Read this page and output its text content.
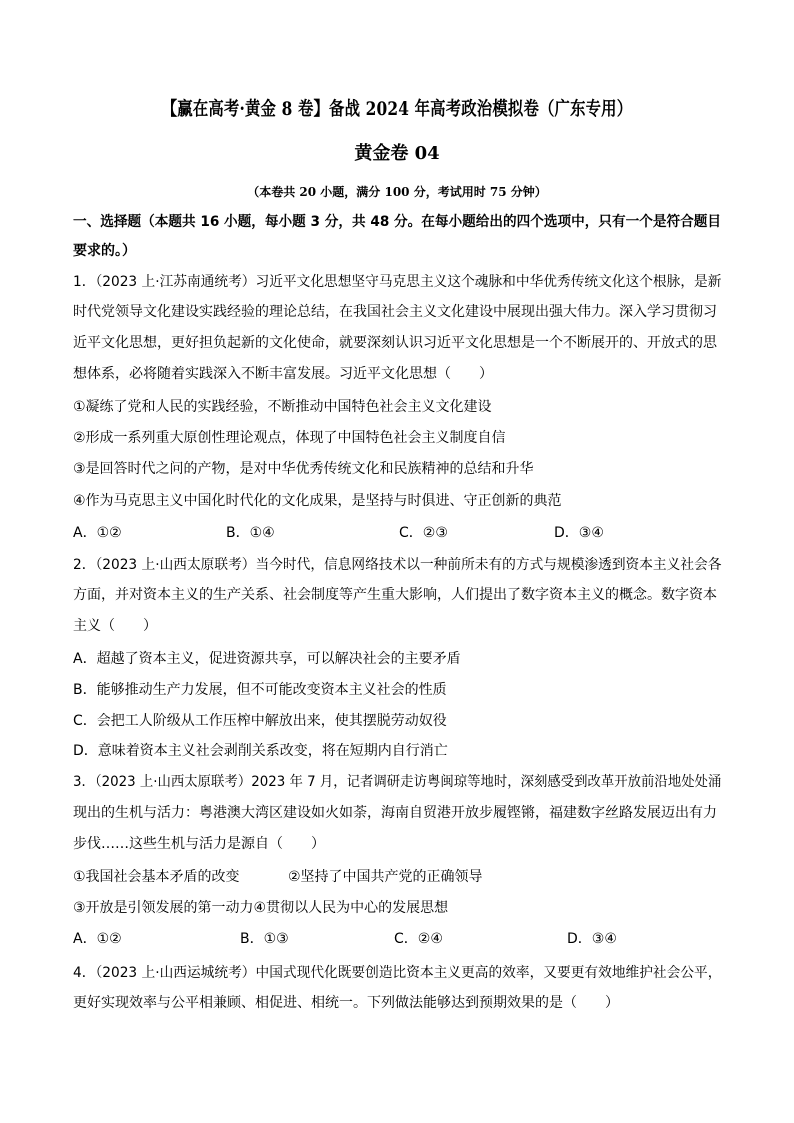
【赢在高考·黄金 8 卷】备战 2024 年高考政治模拟卷（广东专用）
黄金卷 04
（本卷共 20 小题，满分 100 分，考试用时 75 分钟）
一、选择题（本题共 16 小题，每小题 3 分，共 48 分。在每小题给出的四个选项中，只有一个是符合题目
要求的。）
1．（2023 上·江苏南通统考）习近平文化思想坚守马克思主义这个魂脉和中华优秀传统文化这个根脉，是新
时代党领导文化建设实践经验的理论总结，在我国社会主义文化建设中展现出强大伟力。深入学习贯彻习
近平文化思想，更好担负起新的文化使命，就要深刻认识习近平文化思想是一个不断展开的、开放式的思
想体系，必将随着实践深入不断丰富发展。习近平文化思想（　　）
①凝练了党和人民的实践经验，不断推动中国特色社会主义文化建设
②形成一系列重大原创性理论观点，体现了中国特色社会主义制度自信
③是回答时代之问的产物，是对中华优秀传统文化和民族精神的总结和升华
④作为马克思主义中国化时代化的文化成果，是坚持与时俱进、守正创新的典范
A．①②	B．①④	C．②③	D．③④
2．（2023 上·山西太原联考）当今时代，信息网络技术以一种前所未有的方式与规模渗透到资本主义社会各
方面，并对资本主义的生产关系、社会制度等产生重大影响，人们提出了数字资本主义的概念。数字资本
主义（　　）
A．超越了资本主义，促进资源共享，可以解决社会的主要矛盾
B．能够推动生产力发展，但不可能改变资本主义社会的性质
C．会把工人阶级从工作压榨中解放出来，使其摆脱劳动奴役
D．意味着资本主义社会剥削关系改变，将在短期内自行消亡
3．（2023 上·山西太原联考）2023 年 7 月，记者调研走访粤闽琼等地时，深刻感受到改革开放前沿地处处涌
现出的生机与活力：粤港澳大湾区建设如火如荼，海南自贸港开放步履铿锵，福建数字丝路发展迈出有力
步伐……这些生机与活力是源自（　　）
①我国社会基本矛盾的改变	②坚持了中国共产党的正确领导
③开放是引领发展的第一动力④贯彻以人民为中心的发展思想
A．①②	B．①③	C．②④	D．③④
4．（2023 上·山西运城统考）中国式现代化既要创造比资本主义更高的效率，又要更有效地维护社会公平，
更好实现效率与公平相兼顾、相促进、相统一。下列做法能够达到预期效果的是（　　）
